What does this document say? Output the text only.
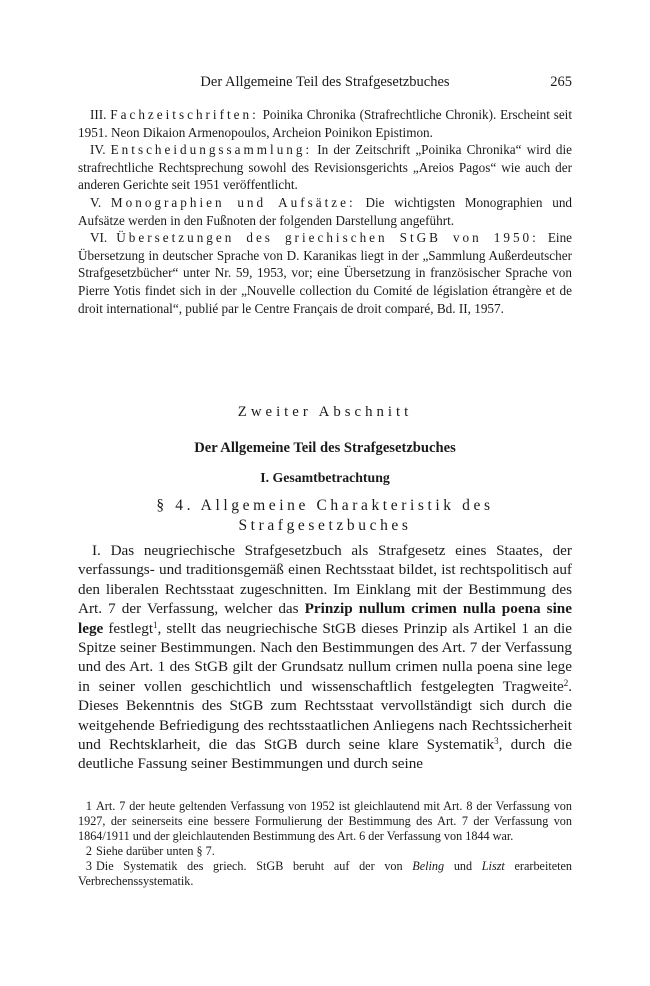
Der Allgemeine Teil des Strafgesetzbuches	265

III. Fachzeitschriften: Poinika Chronika (Strafrechtliche Chronik). Erscheint seit 1951. Neon Dikaion Armenopoulos, Archeion Poinikon Epistimon.

IV. Entscheidungssammlung: In der Zeitschrift „Poinika Chronika“ wird die strafrechtliche Rechtsprechung sowohl des Revisionsgerichts „Areios Pagos“ wie auch der anderen Gerichte seit 1951 veröffentlicht.

V. Monographien und Aufsätze: Die wichtigsten Monographien und Aufsätze werden in den Fußnoten der folgenden Darstellung angeführt.

VI. Übersetzungen des griechischen StGB von 1950: Eine Übersetzung in deutscher Sprache von D. Karanikas liegt in der „Sammlung Außerdeutscher Strafgesetzbücher“ unter Nr. 59, 1953, vor; eine Übersetzung in französischer Sprache von Pierre Yotis findet sich in der „Nouvelle collection du Comité de législation étrangère et de droit international“, publié par le Centre Français de droit comparé, Bd. II, 1957.

Zweiter Abschnitt

Der Allgemeine Teil des Strafgesetzbuches

I. Gesamtbetrachtung

§ 4. Allgemeine Charakteristik des
Strafgesetzbuches

I. Das neugriechische Strafgesetzbuch als Strafgesetz eines Staates, der verfassungs- und traditionsgemäß einen Rechtsstaat bildet, ist rechtspolitisch auf den liberalen Rechtsstaat zugeschnitten. Im Einklang mit der Bestimmung des Art. 7 der Verfassung, welcher das Prinzip nullum crimen nulla poena sine lege festlegt$^1$, stellt das neugriechische StGB dieses Prinzip als Artikel 1 an die Spitze seiner Bestimmungen. Nach den Bestimmungen des Art. 7 der Verfassung und des Art. 1 des StGB gilt der Grundsatz nullum crimen nulla poena sine lege in seiner vollen geschichtlich und wissenschaftlich festgelegten Tragweite$^2$. Dieses Bekenntnis des StGB zum Rechtsstaat vervollständigt sich durch die weitgehende Befriedigung des rechtsstaatlichen Anliegens nach Rechtssicherheit und Rechtsklarheit, die das StGB durch seine klare Systematik$^3$, durch die deutliche Fassung seiner Bestimmungen und durch seine

1 Art. 7 der heute geltenden Verfassung von 1952 ist gleichlautend mit Art. 8 der Verfassung von 1927, der seinerseits eine bessere Formulierung der Bestimmung des Art. 7 der Verfassung von 1864/1911 und der gleichlautenden Bestimmung des Art. 6 der Verfassung von 1844 war.

2 Siehe darüber unten § 7.

3 Die Systematik des griech. StGB beruht auf der von Beling und Liszt erarbeiteten Verbrechenssystematik.
